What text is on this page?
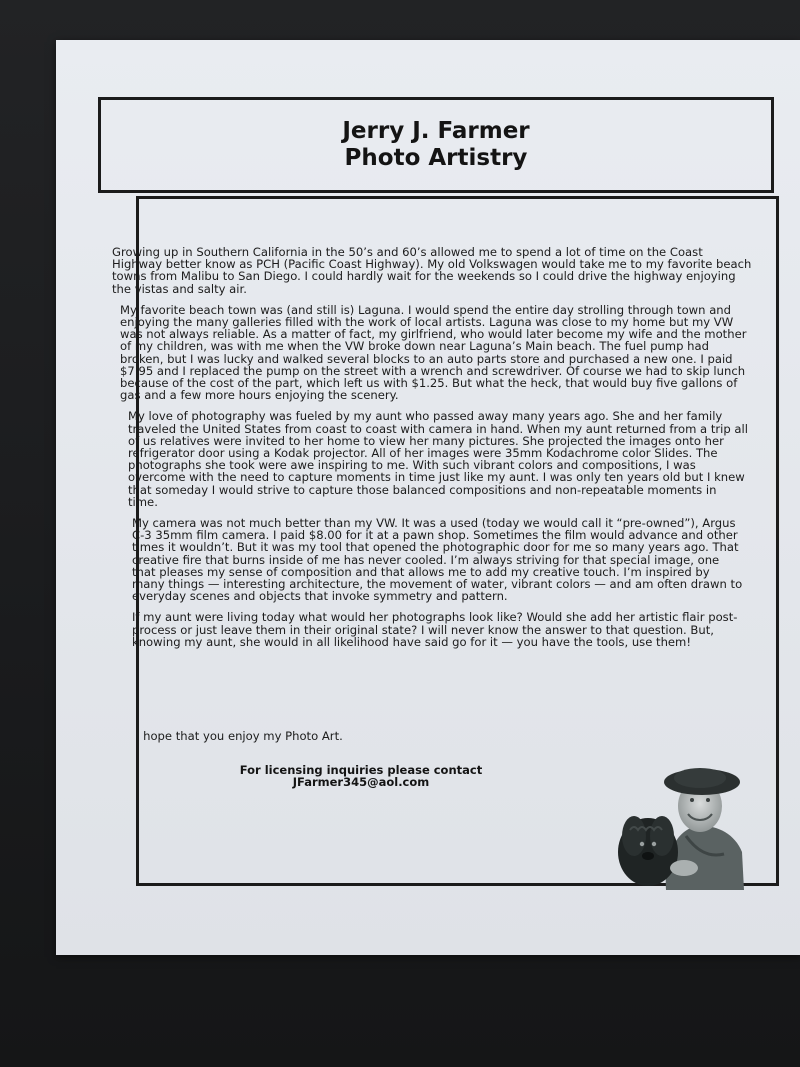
Jerry J. Farmer
Photo Artistry

Growing up in Southern California in the 50’s and 60’s allowed me to spend a lot of time on the Coast Highway better know as PCH (Pacific Coast Highway). My old Volkswagen would take me to my favorite beach towns from Malibu to San Diego. I could hardly wait for the weekends so I could drive the highway enjoying the vistas and salty air.

My favorite beach town was (and still is) Laguna. I would spend the entire day strolling through town and enjoying the many galleries filled with the work of local artists. Laguna was close to my home but my VW was not always reliable. As a matter of fact, my girlfriend, who would later become my wife and the mother of my children, was with me when the VW broke down near Laguna’s Main beach. The fuel pump had broken, but I was lucky and walked several blocks to an auto parts store and purchased a new one. I paid $7.95 and I replaced the pump on the street with a wrench and screwdriver. Of course we had to skip lunch because of the cost of the part, which left us with $1.25. But what the heck, that would buy five gallons of gas and a few more hours enjoying the scenery.

My love of photography was fueled by my aunt who passed away many years ago. She and her family traveled the United States from coast to coast with camera in hand. When my aunt returned from a trip all of us relatives were invited to her home to view her many pictures. She projected the images onto her refrigerator door using a Kodak projector. All of her images were 35mm Kodachrome color Slides. The photographs she took were awe inspiring to me. With such vibrant colors and compositions, I was overcome with the need to capture moments in time just like my aunt. I was only ten years old but I knew that someday I would strive to capture those balanced compositions and non-repeatable moments in time.

My camera was not much better than my VW. It was a used (today we would call it “pre-owned”), Argus C-3 35mm film camera. I paid $8.00 for it at a pawn shop. Sometimes the film would advance and other times it wouldn’t. But it was my tool that opened the photographic door for me so many years ago. That creative fire that burns inside of me has never cooled. I’m always striving for that special image, one that pleases my sense of composition and that allows me to add my creative touch. I’m inspired by many things — interesting architecture, the movement of water, vibrant colors — and am often drawn to everyday scenes and objects that invoke symmetry and pattern.

If my aunt were living today what would her photographs look like? Would she add her artistic flair post-process or just leave them in their original state? I will never know the answer to that question. But, knowing my aunt, she would in all likelihood have said go for it — you have the tools, use them!

I hope that you enjoy my Photo Art.
For licensing inquiries please contact
JFarmer345@aol.com
